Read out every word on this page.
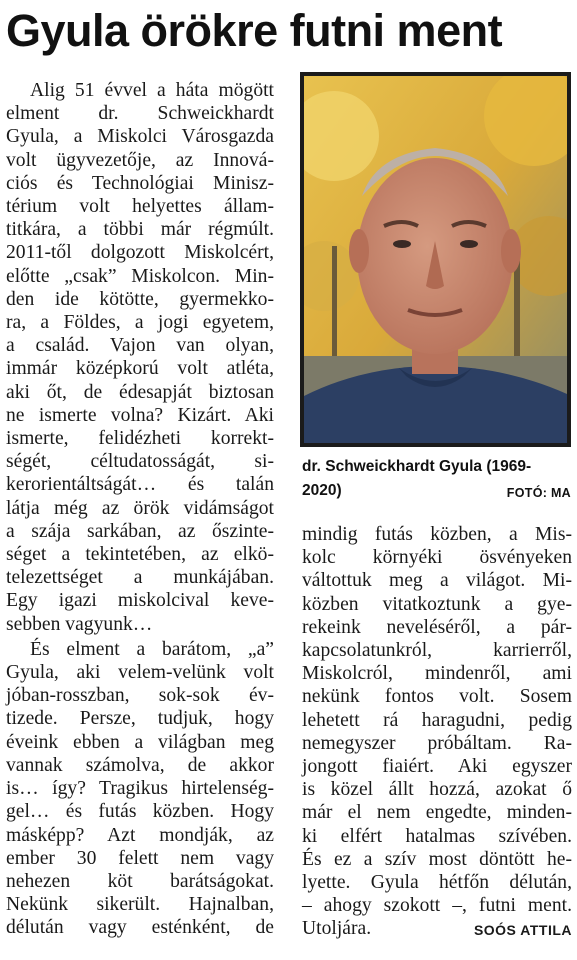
Gyula örökre futni ment

Alig 51 évvel a háta mögött
elment dr. Schweickhardt
Gyula, a Miskolci Városgazda
volt ügyvezetője, az Innová-
ciós és Technológiai Minisz-
térium volt helyettes állam-
titkára, a többi már régmúlt.
2011-től dolgozott Miskolcért,
előtte „csak” Miskolcon. Min-
den ide kötötte, gyermekko-
ra, a Földes, a jogi egyetem,
a család. Vajon van olyan,
immár középkorú volt atléta,
aki őt, de édesapját biztosan
ne ismerte volna? Kizárt. Aki
ismerte, felidézheti korrekt-
ségét, céltudatosságát, si-
kerorientáltságát… és talán
látja még az örök vidámságot
a szája sarkában, az őszinte-
séget a tekintetében, az elkö-
telezettséget a munkájában.
Egy igazi miskolcival keve-
sebben vagyunk…

És elment a barátom, „a”
Gyula, aki velem-velünk volt
jóban-rosszban, sok-sok év-
tizede. Persze, tudjuk, hogy
éveink ebben a világban meg
vannak számolva, de akkor
is… így? Tragikus hirtelenség-
gel… és futás közben. Hogy
másképp? Azt mondják, az
ember 30 felett nem vagy
nehezen köt barátságokat.
Nekünk sikerült. Hajnalban,
délután vagy esténként, de

dr. Schweickhardt Gyula (1969-
2020)	FOTÓ: MA

mindig futás közben, a Mis-
kolc környéki ösvényeken
váltottuk meg a világot. Mi-
közben vitatkoztunk a gye-
rekeink neveléséről, a pár-
kapcsolatunkról, karrierről,
Miskolcról, mindenről, ami
nekünk fontos volt. Sosem
lehetett rá haragudni, pedig
nemegyszer próbáltam. Ra-
jongott fiaiért. Aki egyszer
is közel állt hozzá, azokat ő
már el nem engedte, minden-
ki elfért hatalmas szívében.
És ez a szív most döntött he-
lyette. Gyula hétfőn délután,
– ahogy szokott –, futni ment.
Utoljára.	SOÓS ATTILA
